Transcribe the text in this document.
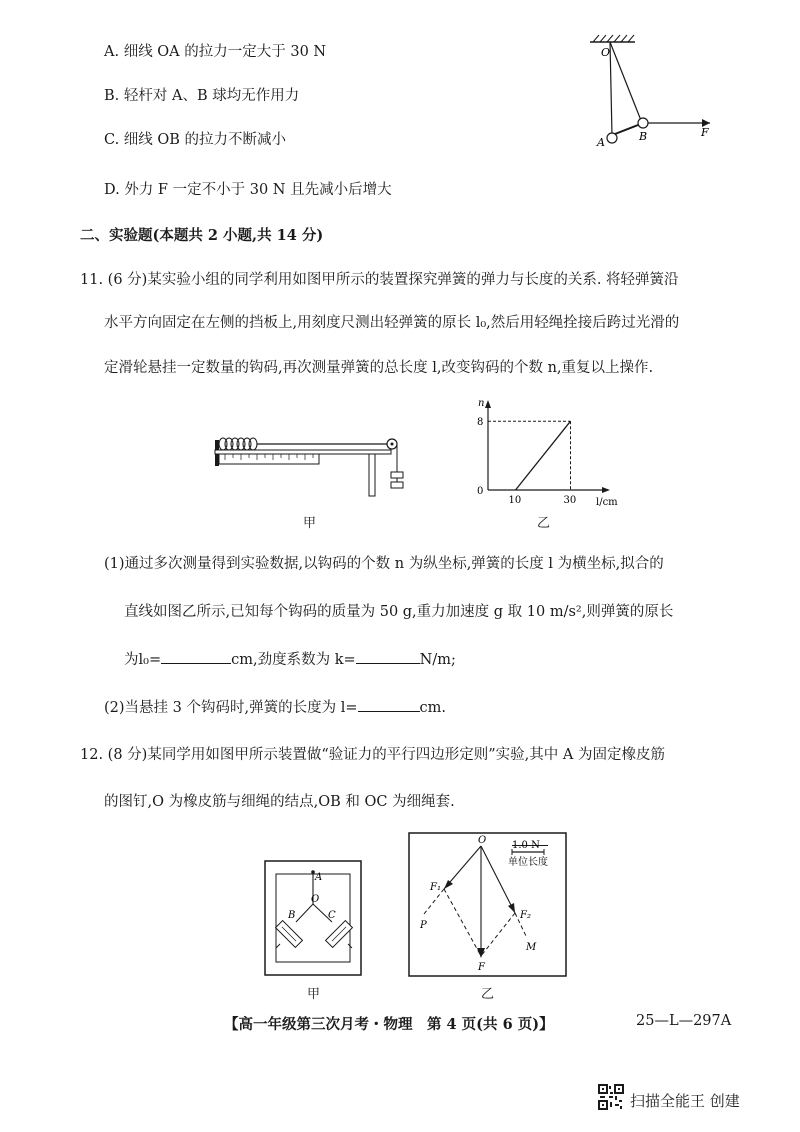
A. 细线 OA 的拉力一定大于 30 N
B. 轻杆对 A、B 球均无作用力
C. 细线 OB 的拉力不断减小
D. 外力 F 一定不小于 30 N 且先减小后增大
O
A	B	F
二、实验题(本题共 2 小题,共 14 分)
11. (6 分)某实验小组的同学利用如图甲所示的装置探究弹簧的弹力与长度的关系. 将轻弹簧沿
水平方向固定在左侧的挡板上,用刻度尺测出轻弹簧的原长 l₀,然后用轻绳拴接后跨过光滑的
定滑轮悬挂一定数量的钩码,再次测量弹簧的总长度 l,改变钩码的个数 n,重复以上操作.
甲
n
l/cm
0
8
10	30
乙
(1)通过多次测量得到实验数据,以钩码的个数 n 为纵坐标,弹簧的长度 l 为横坐标,拟合的
直线如图乙所示,已知每个钩码的质量为 50 g,重力加速度 g 取 10 m/s²,则弹簧的原长
为l₀=	cm,劲度系数为 k=	N/m;
(2)当悬挂 3 个钩码时,弹簧的长度为 l=	cm.
12. (8 分)某同学用如图甲所示装置做“验证力的平行四边形定则”实验,其中 A 为固定橡皮筋
的图钉,O 为橡皮筋与细绳的结点,OB 和 OC 为细绳套.
A
O
B	C
甲
O	1.0 N
单位长度
F₁
F₂
F
P
M
乙
【高一年级第三次月考・物理　第 4 页(共 6 页)】	25—L—297A
扫描全能王 创建
